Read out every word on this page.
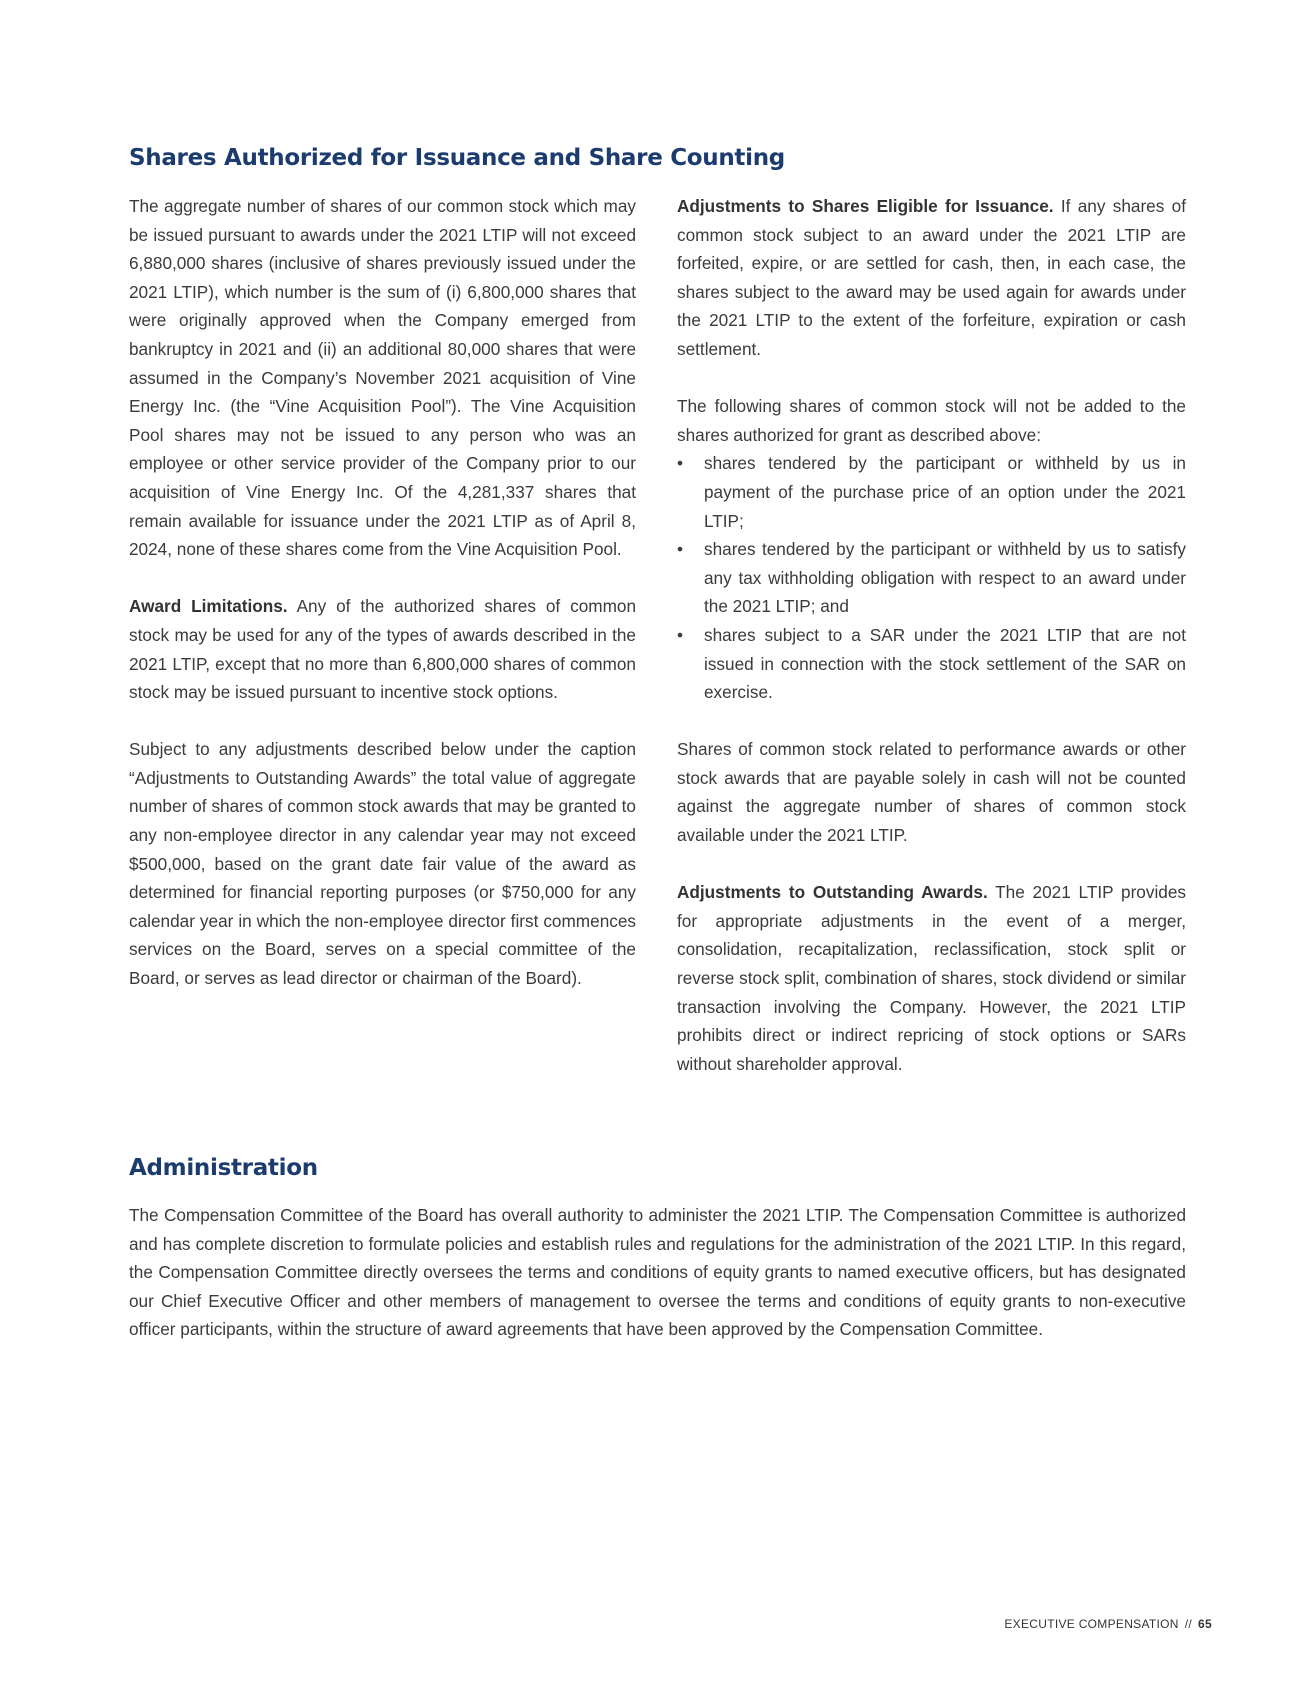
Shares Authorized for Issuance and Share Counting

The aggregate number of shares of our common stock which may be issued pursuant to awards under the 2021 LTIP will not exceed 6,880,000 shares (inclusive of shares previously issued under the 2021 LTIP), which number is the sum of (i) 6,800,000 shares that were originally approved when the Company emerged from bankruptcy in 2021 and (ii) an additional 80,000 shares that were assumed in the Company’s November 2021 acquisition of Vine Energy Inc. (the “Vine Acquisition Pool”). The Vine Acquisition Pool shares may not be issued to any person who was an employee or other service provider of the Company prior to our acquisition of Vine Energy Inc. Of the 4,281,337 shares that remain available for issuance under the 2021 LTIP as of April 8, 2024, none of these shares come from the Vine Acquisition Pool.

Award Limitations. Any of the authorized shares of common stock may be used for any of the types of awards described in the 2021 LTIP, except that no more than 6,800,000 shares of common stock may be issued pursuant to incentive stock options.

Subject to any adjustments described below under the caption “Adjustments to Outstanding Awards” the total value of aggregate number of shares of common stock awards that may be granted to any non-employee director in any calendar year may not exceed $500,000, based on the grant date fair value of the award as determined for financial reporting purposes (or $750,000 for any calendar year in which the non-employee director first commences services on the Board, serves on a special committee of the Board, or serves as lead director or chairman of the Board).

Adjustments to Shares Eligible for Issuance. If any shares of common stock subject to an award under the 2021 LTIP are forfeited, expire, or are settled for cash, then, in each case, the shares subject to the award may be used again for awards under the 2021 LTIP to the extent of the forfeiture, expiration or cash settlement.

The following shares of common stock will not be added to the shares authorized for grant as described above:

• shares tendered by the participant or withheld by us in payment of the purchase price of an option under the 2021 LTIP;
• shares tendered by the participant or withheld by us to satisfy any tax withholding obligation with respect to an award under the 2021 LTIP; and
• shares subject to a SAR under the 2021 LTIP that are not issued in connection with the stock settlement of the SAR on exercise.

Shares of common stock related to performance awards or other stock awards that are payable solely in cash will not be counted against the aggregate number of shares of common stock available under the 2021 LTIP.

Adjustments to Outstanding Awards. The 2021 LTIP provides for appropriate adjustments in the event of a merger, consolidation, recapitalization, reclassification, stock split or reverse stock split, combination of shares, stock dividend or similar transaction involving the Company. However, the 2021 LTIP prohibits direct or indirect repricing of stock options or SARs without shareholder approval.

Administration

The Compensation Committee of the Board has overall authority to administer the 2021 LTIP. The Compensation Committee is authorized and has complete discretion to formulate policies and establish rules and regulations for the administration of the 2021 LTIP. In this regard, the Compensation Committee directly oversees the terms and conditions of equity grants to named executive officers, but has designated our Chief Executive Officer and other members of management to oversee the terms and conditions of equity grants to non-executive officer participants, within the structure of award agreements that have been approved by the Compensation Committee.

EXECUTIVE COMPENSATION // 65
